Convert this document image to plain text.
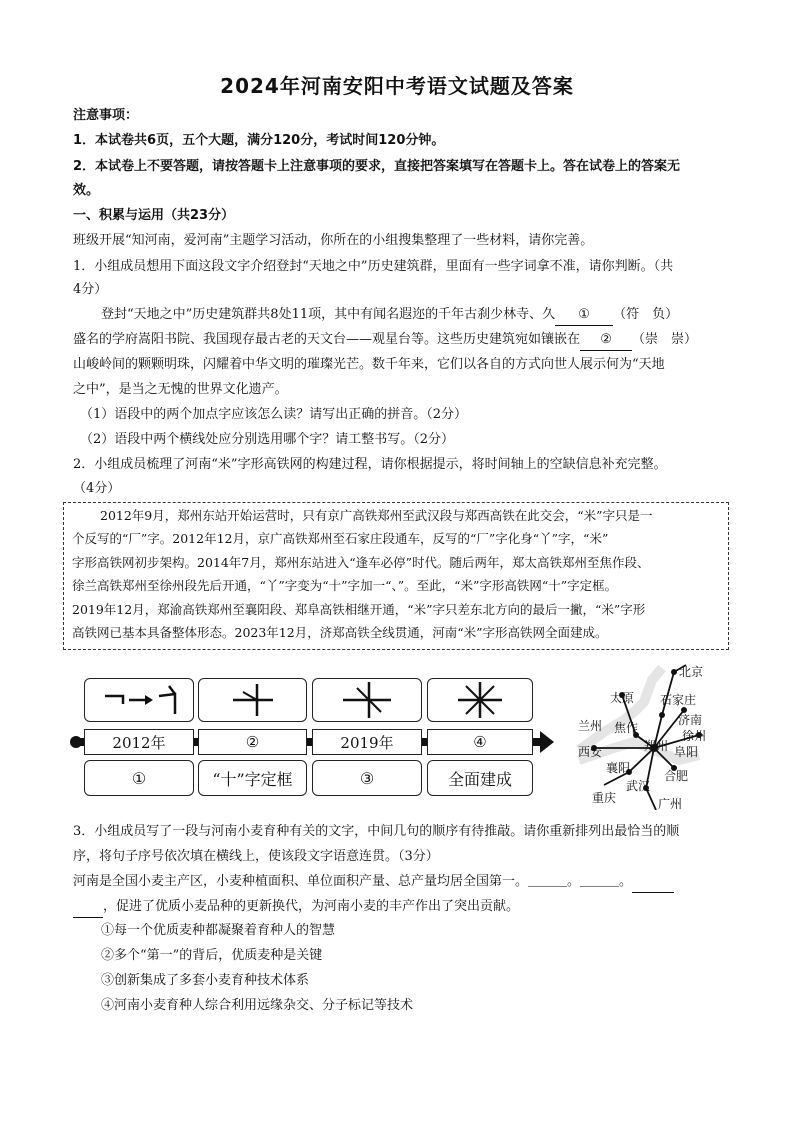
2024年河南安阳中考语文试题及答案
注意事项：
1．本试卷共6页，五个大题，满分120分，考试时间120分钟。
2．本试卷上不要答题，请按答题卡上注意事项的要求，直接把答案填写在答题卡上。答在试卷上的答案无
效。
一、积累与运用（共23分）
班级开展“知河南，爱河南”主题学习活动，你所在的小组搜集整理了一些材料，请你完善。
1．小组成员想用下面这段文字介绍登封“天地之中”历史建筑群，里面有一些字词拿不准，请你判断。（共
4分）
登封“天地之中”历史建筑群共8处11项，其中有闻名遐迩的千年古刹少林寺、久 ① （符　负）
盛名的学府嵩阳书院、我国现存最古老的天文台——观星台等。这些历史建筑宛如镶嵌在 ② （崇　崇）
山峻岭间的颗颗明珠，闪耀着中华文明的璀璨光芒。数千年来，它们以各自的方式向世人展示何为“天地
之中”，是当之无愧的世界文化遗产。
（1）语段中的两个加点字应该怎么读？请写出正确的拼音。（2分）
（2）语段中两个横线处应分别选用哪个字？请工整书写。（2分）
2．小组成员梳理了河南“米”字形高铁网的构建过程，请你根据提示，将时间轴上的空缺信息补充完整。
（4分）
2012年9月，郑州东站开始运营时，只有京广高铁郑州至武汉段与郑西高铁在此交会，“米”字只是一
个反写的“厂”字。2012年12月，京广高铁郑州至石家庄段通车，反写的“厂”字化身“丫”字，“米”
字形高铁网初步架构。2014年7月，郑州东站进入“逢车必停”时代。随后两年，郑太高铁郑州至焦作段、
徐兰高铁郑州至徐州段先后开通，“丫”字变为“十”字加一“、”。至此，“米”字形高铁网“十”字定框。
2019年12月，郑渝高铁郑州至襄阳段、郑阜高铁相继开通，“米”字只差东北方向的最后一撇，“米”字形
高铁网已基本具备整体形态。2023年12月，济郑高铁全线贯通，河南“米”字形高铁网全面建成。
2012年	②	2019年	④
①	“十”字定框	③	全面建成
北京
太原 石家庄
兰州 焦作
济南
徐州
西安	郑州 阜阳
襄阳
合肥
武汉
重庆	广州
3．小组成员写了一段与河南小麦育种有关的文字，中间几句的顺序有待推敲。请你重新排列出最恰当的顺
序，将句子序号依次填在横线上，使该段文字语意连贯。（3分）
河南是全国小麦主产区，小麦种植面积、单位面积产量、总产量均居全国第一。＿＿＿。＿＿＿。
，促进了优质小麦品种的更新换代，为河南小麦的丰产作出了突出贡献。
①每一个优质麦种都凝聚着育种人的智慧
②多个“第一”的背后，优质麦种是关键
③创新集成了多套小麦育种技术体系
④河南小麦育种人综合利用远缘杂交、分子标记等技术
